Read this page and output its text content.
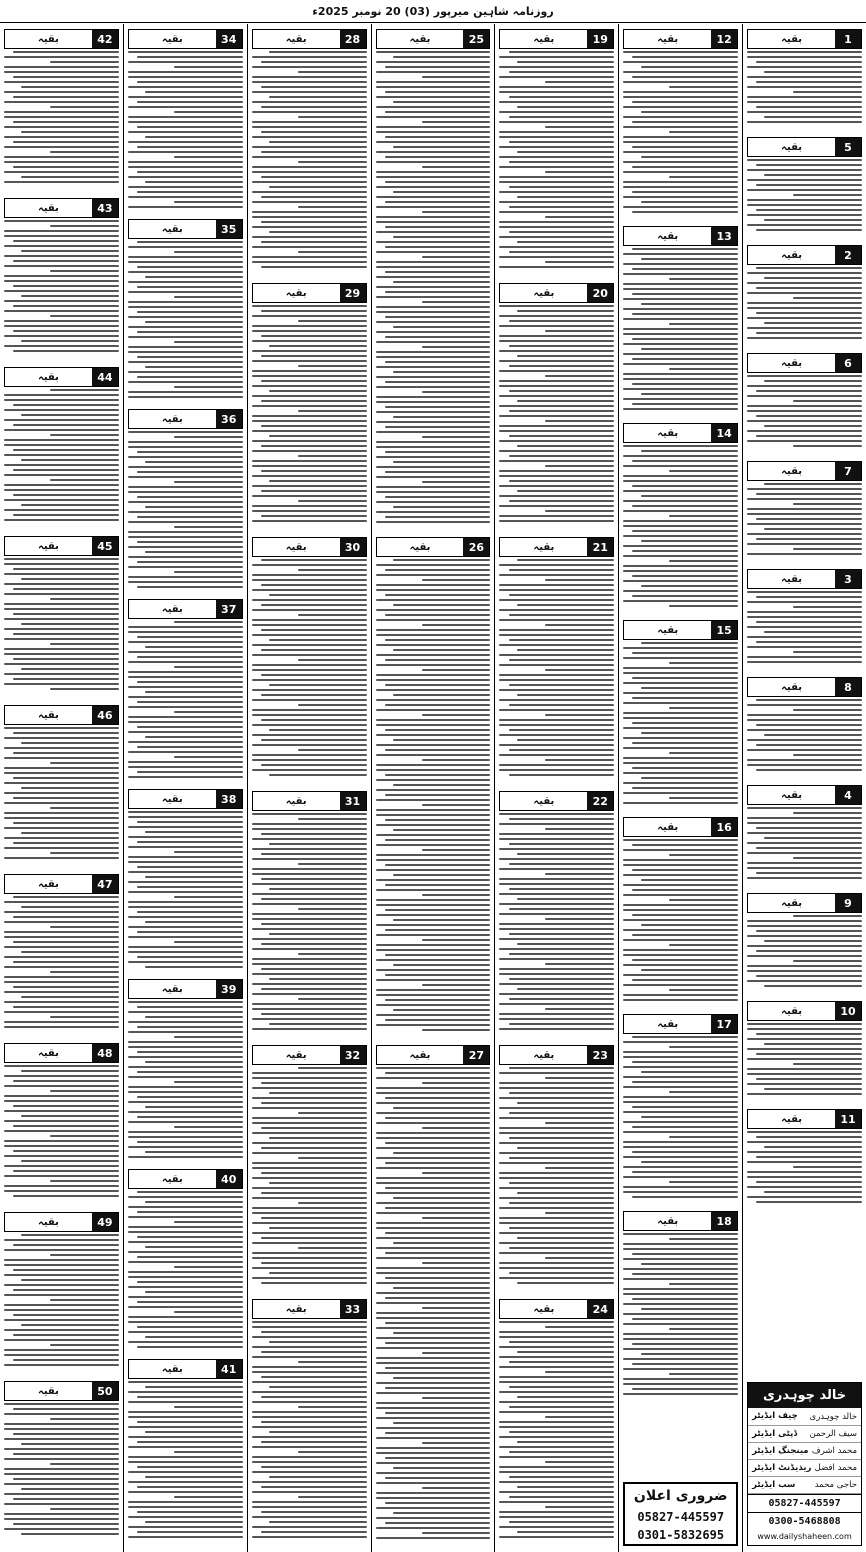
روزنامہ شاہین میرپور (03) 20 نومبر 2025ء
1
بقیہ
5
بقیہ
2
بقیہ
6
بقیہ
7
بقیہ
3
بقیہ
8
بقیہ
4
بقیہ
9
بقیہ
10
بقیہ
11
بقیہ
خالد چوہدری
چیف ایڈیٹر خالد چوہدری
ڈپٹی ایڈیٹر سیف الرحمن
مینجنگ ایڈیٹر محمد اشرف
ریذیڈنٹ ایڈیٹر محمد افضل
سب ایڈیٹر حاجی محمد
05827-445597
0300-5468808
www.dailyshaheen.com
12
بقیہ
13
بقیہ
14
بقیہ
15
بقیہ
16
بقیہ
17
بقیہ
18
بقیہ
ضروری اعلان
05827-445597
0301-5832695
19
بقیہ
20
بقیہ
21
بقیہ
22
بقیہ
23
بقیہ
24
بقیہ
25
بقیہ
26
بقیہ
27
بقیہ
28
بقیہ
29
بقیہ
30
بقیہ
31
بقیہ
32
بقیہ
33
بقیہ
34
بقیہ
35
بقیہ
36
بقیہ
37
بقیہ
38
بقیہ
39
بقیہ
40
بقیہ
41
بقیہ
42
بقیہ
43
بقیہ
44
بقیہ
45
بقیہ
46
بقیہ
47
بقیہ
48
بقیہ
49
بقیہ
50
بقیہ
